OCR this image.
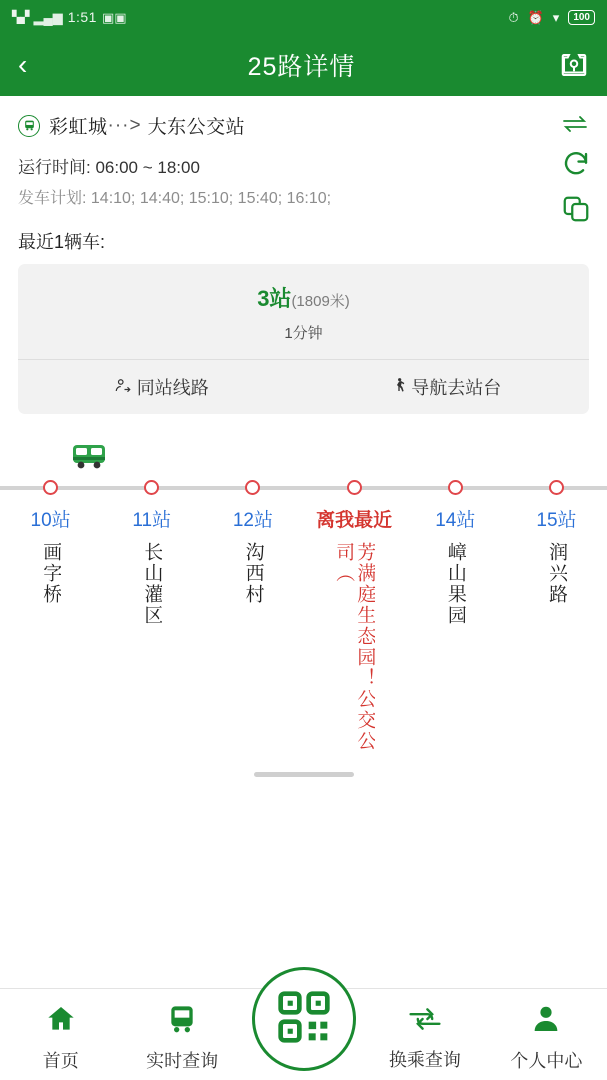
▚▞ ▂▄▆ 1:51 ▣▣	⏱ ⏰ ▾	100
‹	25路详情
彩虹城 ···> 大东公交站
运行时间: 06:00 ~ 18:00
发车计划: 14:10; 14:40; 15:10; 15:40; 16:10;
最近1辆车:
3站(1809米)
1分钟
同站线路	导航去站台
10站
画字桥
11站
长山灌区
12站
沟西村
离我最近
芳满庭生态园！公交公司（
14站
嶂山果园
15站
润兴路
首页	实时查询	换乘查询	个人中心
